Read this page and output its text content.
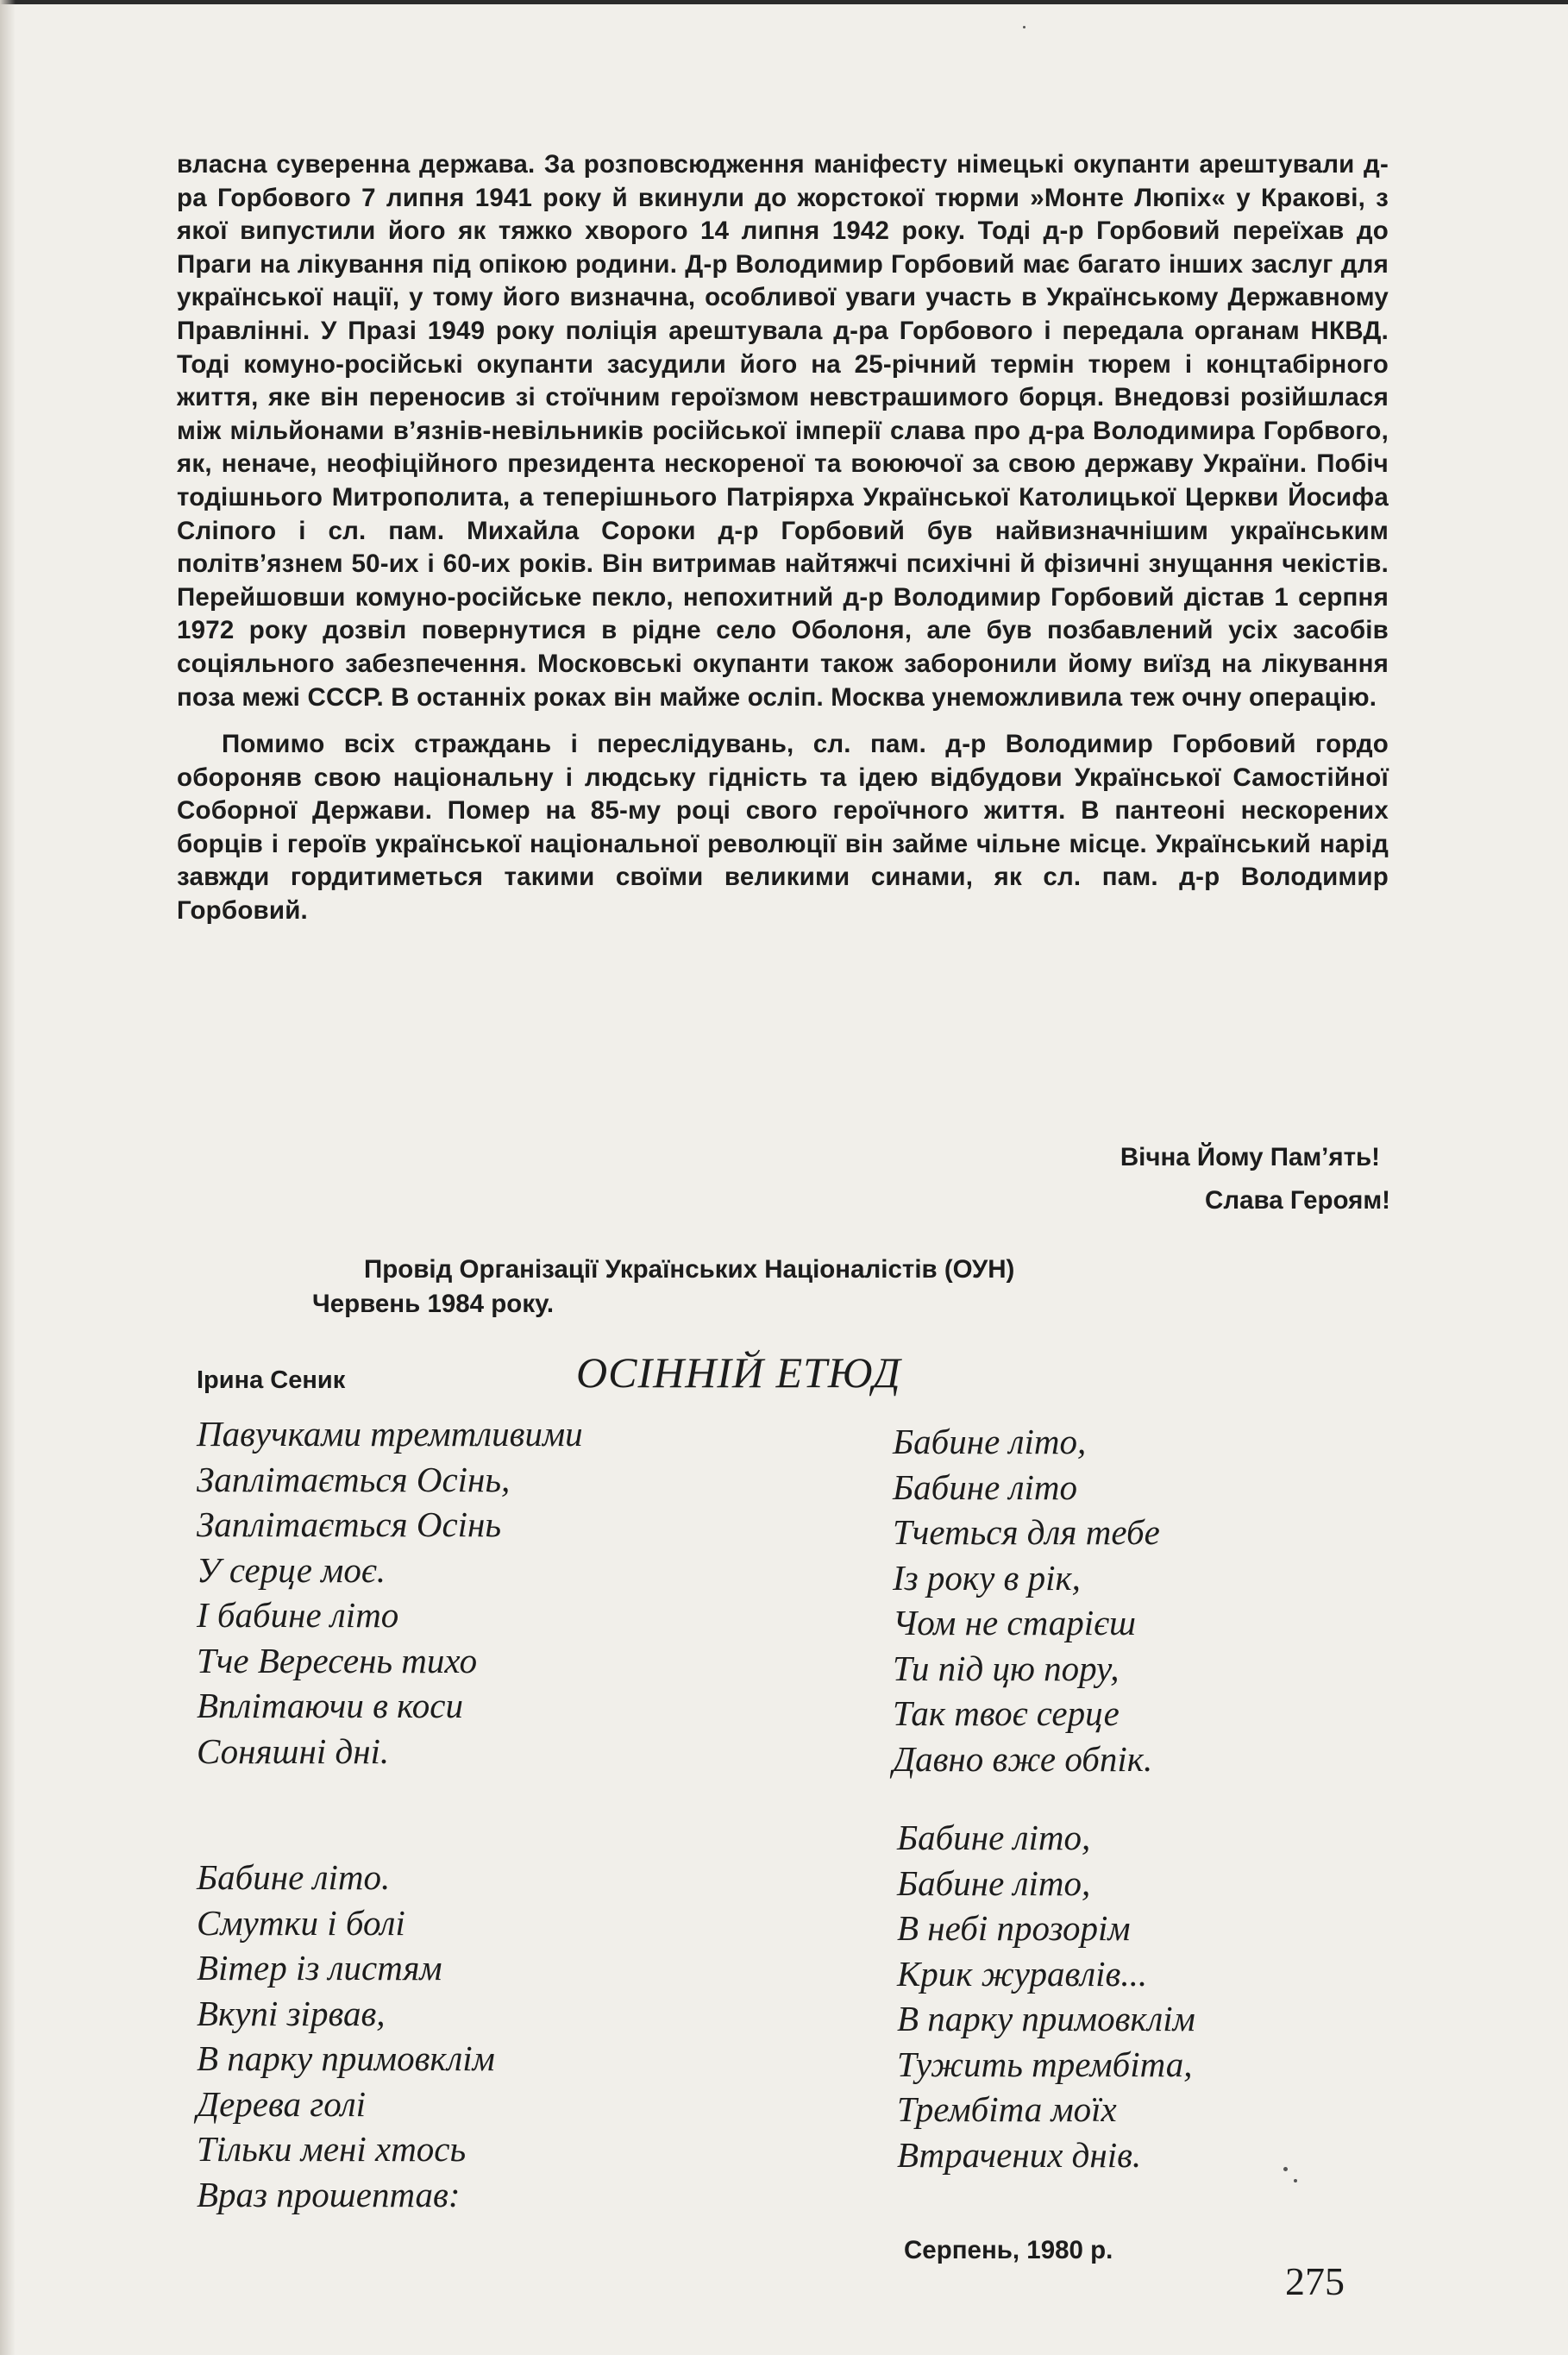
власна суверенна держава. За розповсюдження маніфесту німецькі окупанти арештували д-ра Горбового 7 липня 1941 року й вкинули до жорстокої тюрми »Монте Люпіх« у Кракові, з якої випустили його як тяжко хворого 14 липня 1942 року. Тоді д-р Горбовий переїхав до Праги на лікування під опікою родини. Д-р Володимир Горбовий має багато інших заслуг для української нації, у тому його визначна, особливої уваги участь в Українському Державному Правлінні. У Празі 1949 року поліція арештувала д-ра Горбового і передала органам НКВД. Тоді комуно-російські окупанти засудили його на 25-річний термін тюрем і концтабірного життя, яке він переносив зі стоїчним героїзмом невстрашимого борця. Внедовзі розійшлася між мільйонами в’язнів-невільників російської імперії слава про д-ра Володимира Горбвого, як, неначе, неофіційного президента нескореної та воюючої за свою державу України. Побіч тодішнього Митрополита, а теперішнього Патріярха Української Католицької Церкви Йосифа Сліпого і сл. пам. Михайла Сороки д-р Горбовий був найвизначнішим українським політв’язнем 50-их і 60-их років. Він витримав найтяжчі психічні й фізичні знущання чекістів. Перейшовши комуно-російське пекло, непохитний д-р Володимир Горбовий дістав 1 серпня 1972 року дозвіл повернутися в рідне село Оболоня, але був позбавлений усіх засобів соціяльного забезпечення. Московські окупанти також заборонили йому виїзд на лікування поза межі СССР. В останніх роках він майже осліп. Москва унеможливила теж очну операцію.

Помимо всіх страждань і переслідувань, сл. пам. д-р Володимир Горбовий гордо обороняв свою національну і людську гідність та ідею відбудови Української Самостійної Соборної Держави. Помер на 85-му році свого героїчного життя. В пантеоні нескорених борців і героїв української національної революції він займе чільне місце. Український нарід завжди гордитиметься такими своїми великими синами, як сл. пам. д-р Володимир Горбовий.

Вічна Йому Пам’ять!
Слава Героям!
Провід Організації Українських Націоналістів (ОУН)
Червень 1984 року.
Ірина Сеник	ОСІННІЙ ЕТЮД
Павучками тремтливими
Заплітається Осінь,
Заплітається Осінь
У серце моє.
І бабине літо
Тче Вересень тихо
Вплітаючи в коси
Соняшні дні.
Бабине літо.
Смутки і болі
Вітер із листям
Вкупі зірвав,
В парку примовклім
Дерева голі
Тільки мені хтось
Враз прошептав:
Бабине літо,
Бабине літо
Тчеться для тебе
Із року в рік,
Чом не старієш
Ти під цю пору,
Так твоє серце
Давно вже обпік.
Бабине літо,
Бабине літо,
В небі прозорім
Крик журавлів...
В парку примовклім
Тужить трембіта,
Трембіта моїх
Втрачених днів.
Серпень, 1980 р.
275
